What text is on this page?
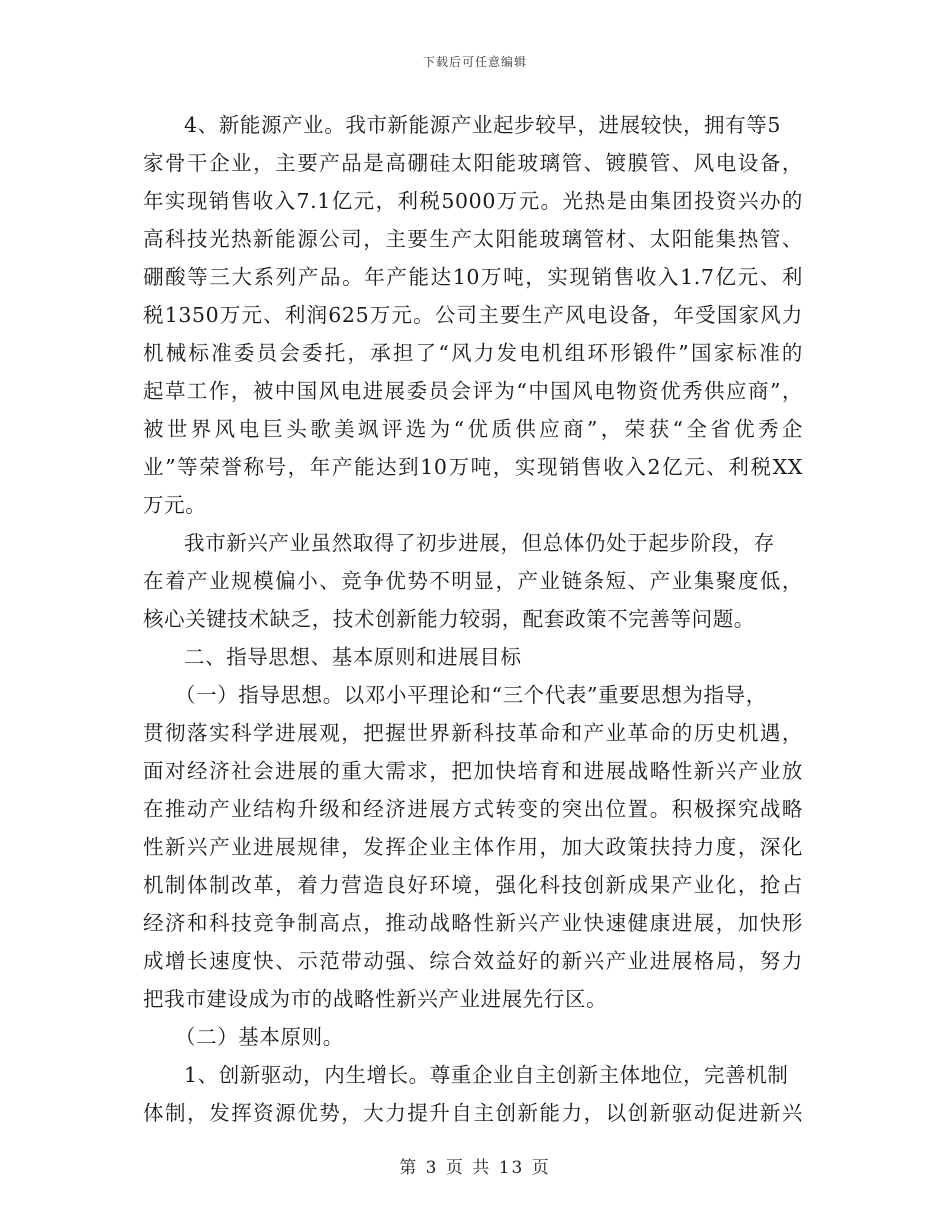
下载后可任意编辑
4、新能源产业。我市新能源产业起步较早，进展较快，拥有等5
家骨干企业，主要产品是高硼硅太阳能玻璃管、镀膜管、风电设备，
年实现销售收入7.1亿元，利税5000万元。光热是由集团投资兴办的
高科技光热新能源公司，主要生产太阳能玻璃管材、太阳能集热管、
硼酸等三大系列产品。年产能达10万吨，实现销售收入1.7亿元、利
税1350万元、利润625万元。公司主要生产风电设备，年受国家风力
机械标准委员会委托，承担了“风力发电机组环形锻件”国家标准的
起草工作，被中国风电进展委员会评为“中国风电物资优秀供应商”，
被世界风电巨头歌美飒评选为“优质供应商”，荣获“全省优秀企
业”等荣誉称号，年产能达到10万吨，实现销售收入2亿元、利税XX
万元。
我市新兴产业虽然取得了初步进展，但总体仍处于起步阶段，存
在着产业规模偏小、竞争优势不明显，产业链条短、产业集聚度低，
核心关键技术缺乏，技术创新能力较弱，配套政策不完善等问题。
二、指导思想、基本原则和进展目标
（一）指导思想。以邓小平理论和“三个代表”重要思想为指导，
贯彻落实科学进展观，把握世界新科技革命和产业革命的历史机遇，
面对经济社会进展的重大需求，把加快培育和进展战略性新兴产业放
在推动产业结构升级和经济进展方式转变的突出位置。积极探究战略
性新兴产业进展规律，发挥企业主体作用，加大政策扶持力度，深化
机制体制改革，着力营造良好环境，强化科技创新成果产业化，抢占
经济和科技竞争制高点，推动战略性新兴产业快速健康进展，加快形
成增长速度快、示范带动强、综合效益好的新兴产业进展格局，努力
把我市建设成为市的战略性新兴产业进展先行区。
（二）基本原则。
1、创新驱动，内生增长。尊重企业自主创新主体地位，完善机制
体制，发挥资源优势，大力提升自主创新能力，以创新驱动促进新兴
第 3 页 共 13 页
